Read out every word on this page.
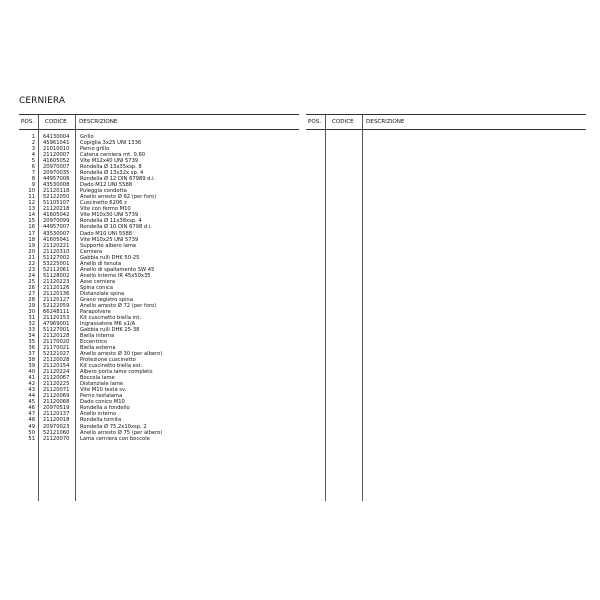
CERNIERA
POS. CODICE DESCRIZIONE
1 64130004 Grillo
2 45961041 Copiglia 3x25 UNI 1336
3 21010010 Perno grillo
4 21120007 Catena cerniera mt. 0,60
5 41605052 Vite M12x40 UNI 5739
6 20970007 Rondella Ø 13x35xsp. 8
7 20970035 Rondella Ø 13x32x sp. 4
8 44957008 Rondella Ø 12 DIN 67989 d.i.
9 43530008 Dado M12 UNI 5588
10 21120118 Puleggia condotta
11 52122050 Anello arresto Ø 62 (per foro)
12 51105107 Cuscinetto 6206 z
13 21120218 Vite con fermo M10
14 41605042 Vite M10x30 UNI 5739
15 20970099 Rondella Ø 11x38xsp. 4
16 44957007 Rondella Ø 10 DIN 6798 d.i.
17 43530007 Dado M10 UNI 5588
18 41605041 Vite M10x25 UNI 5739
19 21120221 Supporto albero lame
20 21120310 Cerniera
21 51127002 Gabbia rulli DHK 50-25
22 53225001 Anello di tenuta
23 52112061 Anello di spallamento SW 45
24 51128002 Anello interno IR 45x50x35
25 21120223 Asse cerniera
26 21120126 Spina conica
27 21120136 Distanziale spina
28 21120127 Grano registro spina
29 52122059 Anello arresto Ø 72 (per foro)
30 66248111 Parapolvere
31 21120153 Kit cuscinetto biella int.
32 47969001 Ingrassatore M6 x1/A
33 51127001 Gabbia rulli DHK 25-38
34 21120128 Biella interna
35 21170020 Eccentrico
36 21170021 Biella esterna
37 52121027 Anello arresto Ø 30 (per albero)
38 21120028 Protezione cuscinetto
39 21120154 Kit cuscinetto biella est.
40 21120224 Albero porta lame completo
41 21120067 Boccola lame
42 21120225 Distanziale lame
43 21120071 Vite M10 testa sv.
44 21120069 Perno testalama
45 21120068 Dado conico M10
46 20970519 Rondella a fondello
47 21120137 Anello interno
48 21120018 Rondella tornita
49 20970023 Rondella Ø 75,2x10xsp. 2
50 52121060 Anello arresto Ø 75 (per albero)
51 21120070 Lama cerniera con boccole
POS. CODICE DESCRIZIONE
